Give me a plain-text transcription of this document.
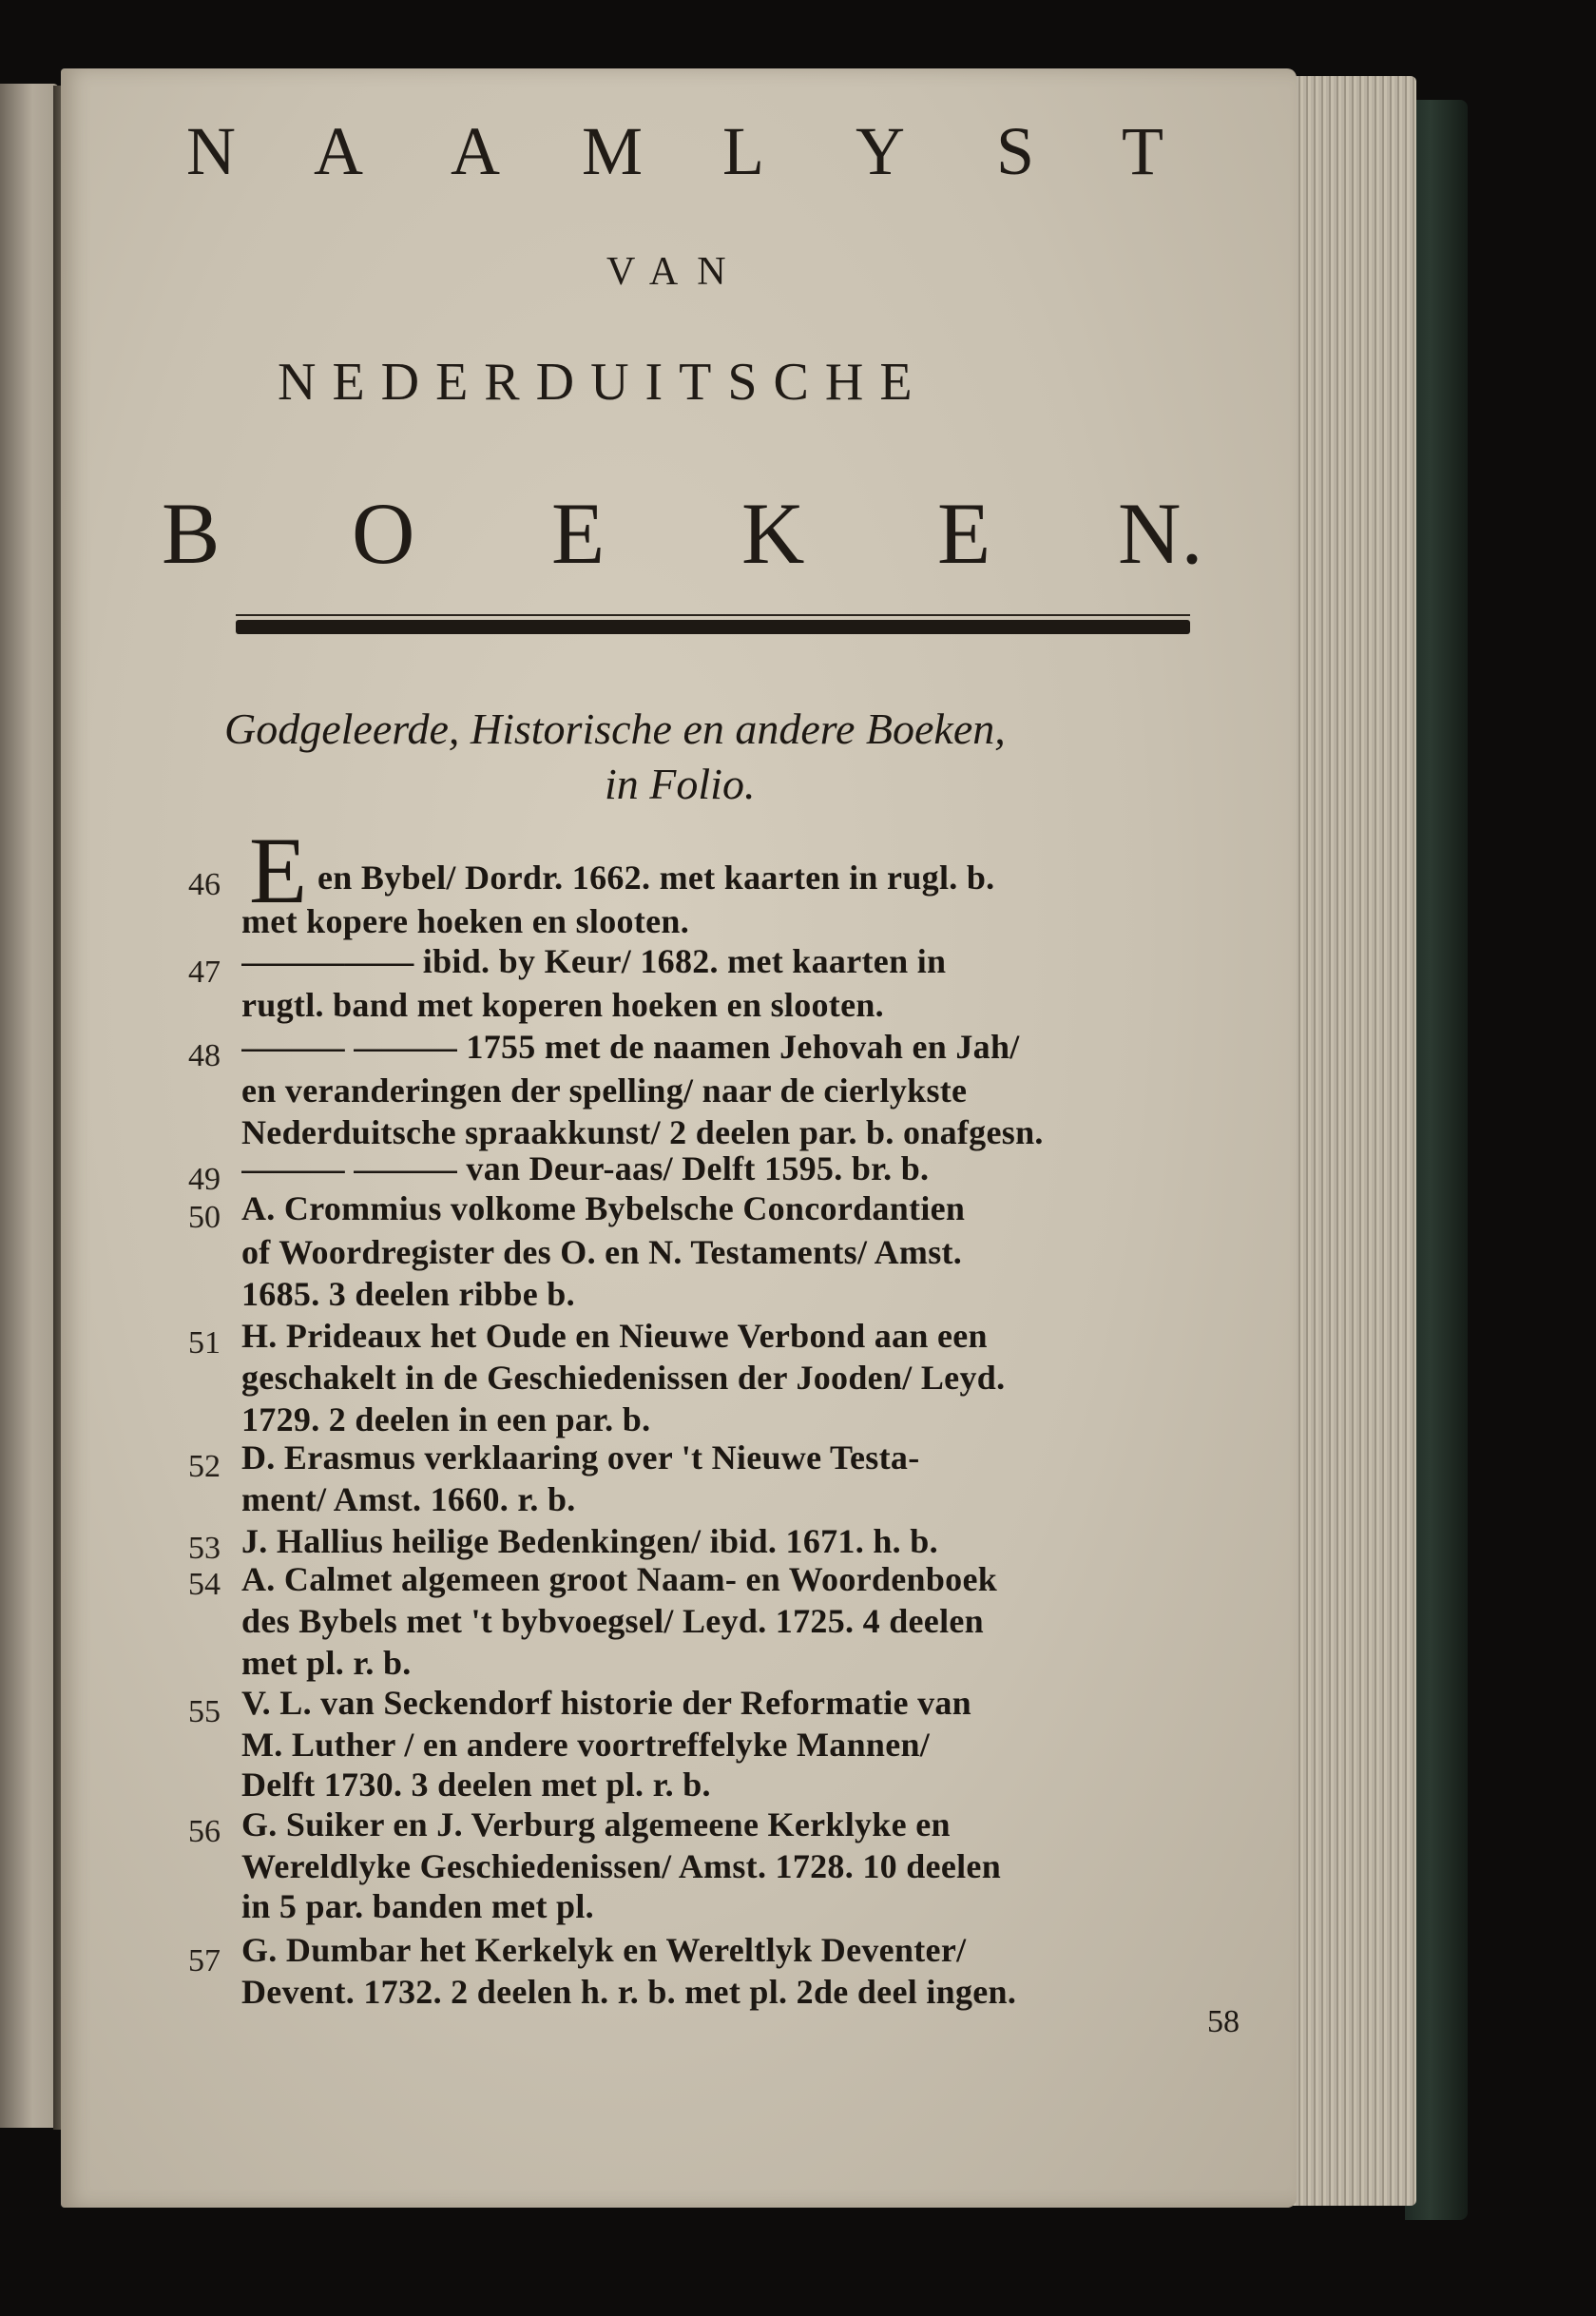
N A A M L Y S T
VAN
NEDERDUITSCHE
B O E K E N.
Godgeleerde, Historische en andere Boeken,
in Folio.
E
46	en Bybel/ Dordr. 1662. met kaarten in rugl. b.
met kopere hoeken en slooten.
47 ————— ibid. by Keur/ 1682. met kaarten in
rugtl. band met koperen hoeken en slooten.
48 ——— ——— 1755 met de naamen Jehovah en Jah/
en veranderingen der spelling/ naar de cierlykste
Nederduitsche spraakkunst/ 2 deelen par. b. onafgesn.
49 ——— ——— van Deur-aas/ Delft 1595. br. b.
50 A. Crommius volkome Bybelsche Concordantien
of Woordregister des O. en N. Testaments/ Amst.
1685. 3 deelen ribbe b.
51 H. Prideaux het Oude en Nieuwe Verbond aan een
geschakelt in de Geschiedenissen der Jooden/ Leyd.
1729. 2 deelen in een par. b.
52 D. Erasmus verklaaring over 't Nieuwe Testa-
ment/ Amst. 1660. r. b.
53 J. Hallius heilige Bedenkingen/ ibid. 1671. h. b.
54 A. Calmet algemeen groot Naam- en Woordenboek
des Bybels met 't bybvoegsel/ Leyd. 1725. 4 deelen
met pl. r. b.
55 V. L. van Seckendorf historie der Reformatie van
M. Luther / en andere voortreffelyke Mannen/
Delft 1730. 3 deelen met pl. r. b.
56 G. Suiker en J. Verburg algemeene Kerklyke en
Wereldlyke Geschiedenissen/ Amst. 1728. 10 deelen
in 5 par. banden met pl.
57 G. Dumbar het Kerkelyk en Wereltlyk Deventer/
Devent. 1732. 2 deelen h. r. b. met pl. 2de deel ingen.
58
